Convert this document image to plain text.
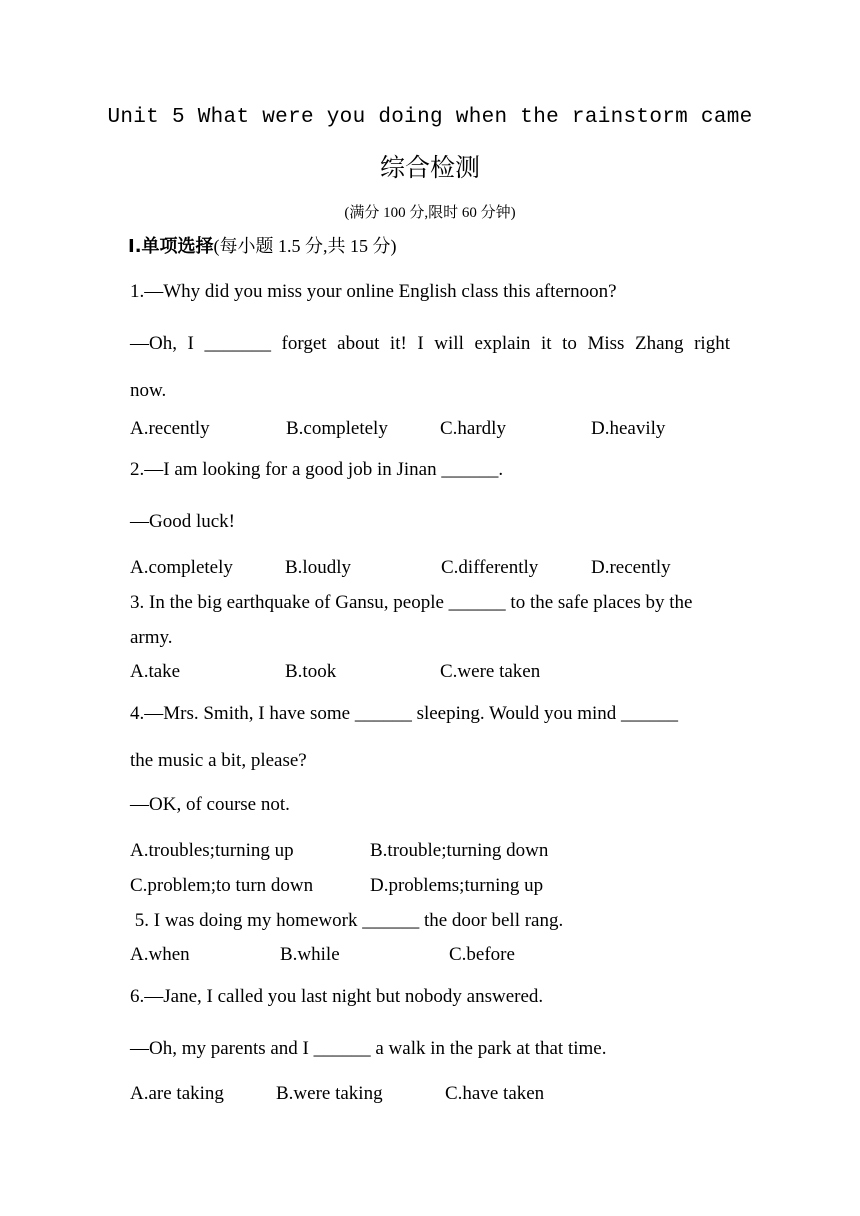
Unit 5 What were you doing when the rainstorm came
综合检测
(满分 100 分,限时 60 分钟)
Ⅰ.单项选择(每小题 1.5 分,共 15 分)
1.—Why did you miss your online English class this afternoon?
—Oh, I _______ forget about it! I will explain it to Miss Zhang right
now.
A.recently	B.completely	C.hardly	D.heavily
2.—I am looking for a good job in Jinan ______.
—Good luck!
A.completely	B.loudly	C.differently	D.recently
3. In the big earthquake of Gansu, people ______ to the safe places by the
army.
A.take	B.took	C.were taken
4.—Mrs. Smith, I have some ______ sleeping. Would you mind ______
the music a bit, please?
—OK, of course not.
A.troubles;turning up	B.trouble;turning down
C.problem;to turn down	D.problems;turning up
5. I was doing my homework ______ the door bell rang.
A.when	B.while	C.before
6.—Jane, I called you last night but nobody answered.
—Oh, my parents and I ______ a walk in the park at that time.
A.are taking	B.were taking	C.have taken
